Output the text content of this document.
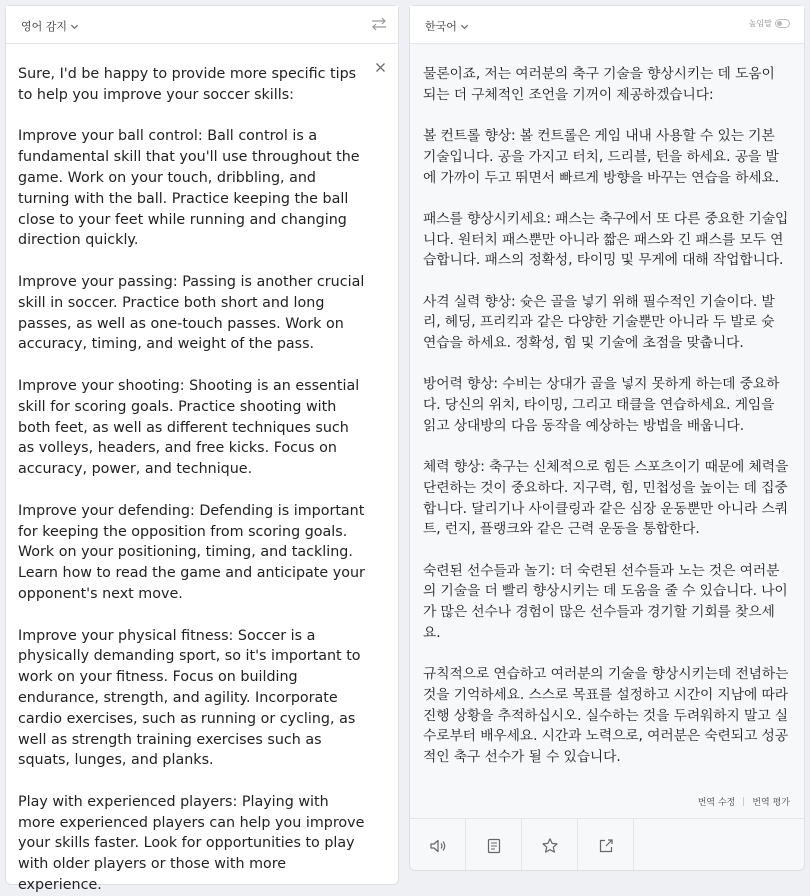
영어 감지

Sure, I'd be happy to provide more specific tips to help you improve your soccer skills:

Improve your ball control: Ball control is a fundamental skill that you'll use throughout the game. Work on your touch, dribbling, and turning with the ball. Practice keeping the ball close to your feet while running and changing direction quickly.

Improve your passing: Passing is another crucial skill in soccer. Practice both short and long passes, as well as one-touch passes. Work on accuracy, timing, and weight of the pass.

Improve your shooting: Shooting is an essential skill for scoring goals. Practice shooting with both feet, as well as different techniques such as volleys, headers, and free kicks. Focus on accuracy, power, and technique.

Improve your defending: Defending is important for keeping the opposition from scoring goals. Work on your positioning, timing, and tackling. Learn how to read the game and anticipate your opponent's next move.

Improve your physical fitness: Soccer is a physically demanding sport, so it's important to work on your fitness. Focus on building endurance, strength, and agility. Incorporate cardio exercises, such as running or cycling, as well as strength training exercises such as squats, lunges, and planks.

Play with experienced players: Playing with more experienced players can help you improve your skills faster. Look for opportunities to play with older players or those with more experience.

한국어	높임말

물론이죠, 저는 여러분의 축구 기술을 향상시키는 데 도움이 되는 더 구체적인 조언을 기꺼이 제공하겠습니다:

볼 컨트롤 향상: 볼 컨트롤은 게임 내내 사용할 수 있는 기본 기술입니다. 공을 가지고 터치, 드리블, 턴을 하세요. 공을 발에 가까이 두고 뛰면서 빠르게 방향을 바꾸는 연습을 하세요.

패스를 향상시키세요: 패스는 축구에서 또 다른 중요한 기술입니다. 원터치 패스뿐만 아니라 짧은 패스와 긴 패스를 모두 연습합니다. 패스의 정확성, 타이밍 및 무게에 대해 작업합니다.

사격 실력 향상: 슛은 골을 넣기 위해 필수적인 기술이다. 발리, 헤딩, 프리킥과 같은 다양한 기술뿐만 아니라 두 발로 슛 연습을 하세요. 정확성, 힘 및 기술에 초점을 맞춥니다.

방어력 향상: 수비는 상대가 골을 넣지 못하게 하는데 중요하다. 당신의 위치, 타이밍, 그리고 태클을 연습하세요. 게임을 읽고 상대방의 다음 동작을 예상하는 방법을 배웁니다.

체력 향상: 축구는 신체적으로 힘든 스포츠이기 때문에 체력을 단련하는 것이 중요하다. 지구력, 힘, 민첩성을 높이는 데 집중합니다. 달리기나 사이클링과 같은 심장 운동뿐만 아니라 스쿼트, 런지, 플랭크와 같은 근력 운동을 통합한다.

숙련된 선수들과 놀기: 더 숙련된 선수들과 노는 것은 여러분의 기술을 더 빨리 향상시키는 데 도움을 줄 수 있습니다. 나이가 많은 선수나 경험이 많은 선수들과 경기할 기회를 찾으세요.

규칙적으로 연습하고 여러분의 기술을 향상시키는데 전념하는 것을 기억하세요. 스스로 목표를 설정하고 시간이 지남에 따라 진행 상황을 추적하십시오. 실수하는 것을 두려워하지 말고 실수로부터 배우세요. 시간과 노력으로, 여러분은 숙련되고 성공적인 축구 선수가 될 수 있습니다.

번역 수정 번역 평가
